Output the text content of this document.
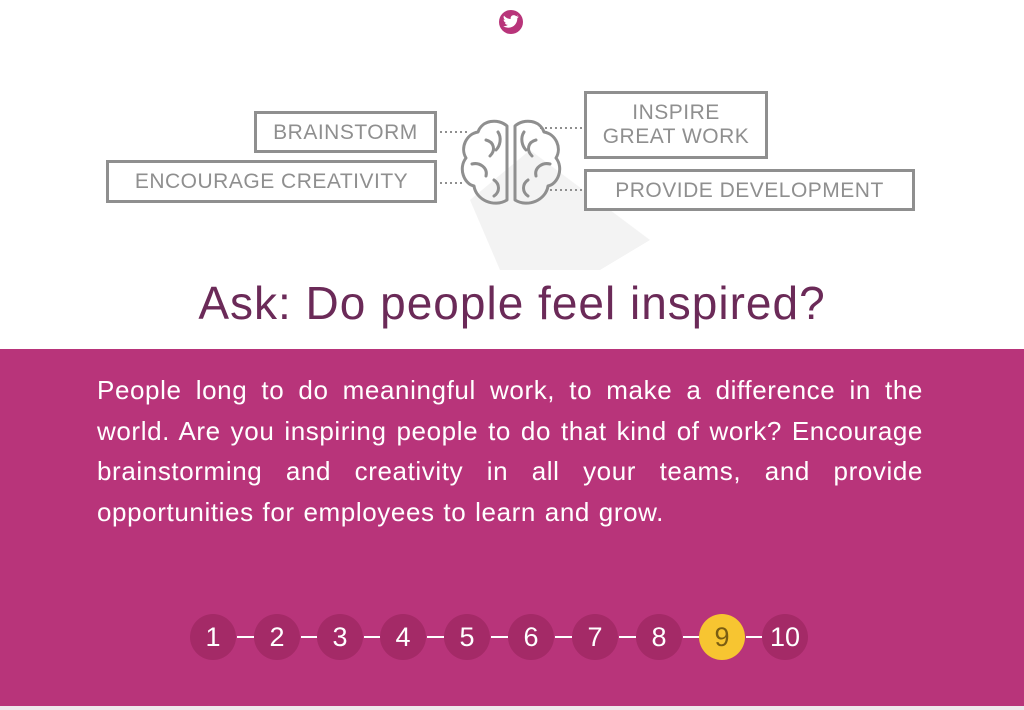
BRAINSTORM
ENCOURAGE CREATIVITY
INSPIRE
GREAT WORK
PROVIDE DEVELOPMENT
Ask: Do people feel inspired?
People long to do meaningful work, to make a difference in the world. Are you inspiring people to do that kind of work? Encourage brainstorming and creativity in all your teams, and provide opportunities for employees to learn and grow.
1	2	3	4	5	6	7	8	9	10
